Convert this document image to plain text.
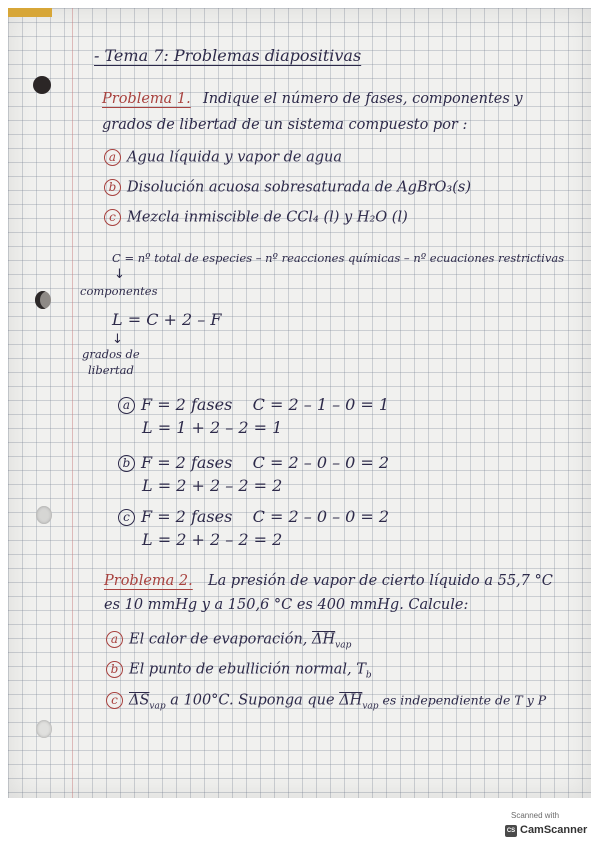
- Tema 7: Problemas diapositivas

Problema 1. Indique el número de fases, componentes y

grados de libertad de un sistema compuesto por :

a Agua líquida y vapor de agua

b Disolución acuosa sobresaturada de AgBrO₃(s)

c Mezcla inmiscible de CCl₄ (l) y H₂O (l)

C = nº total de especies – nº reacciones químicas – nº ecuaciones restrictivas

↓

componentes

L = C + 2 – F

↓

grados de

libertad

a F = 2 fases    C = 2 – 1 – 0 = 1

L = 1 + 2 – 2 = 1

b F = 2 fases    C = 2 – 0 – 0 = 2

L = 2 + 2 – 2 = 2

c F = 2 fases    C = 2 – 0 – 0 = 2

L = 2 + 2 – 2 = 2

Problema 2. La presión de vapor de cierto líquido a 55,7 °C

es 10 mmHg y a 150,6 °C es 400 mmHg. Calcule:

a El calor de evaporación, $\overline{\Delta H}_{vap}$

b El punto de ebullición normal, $T_b$

c $\overline{\Delta S}_{vap}$ a 100°C. Suponga que $\overline{\Delta H}_{vap}$ es independiente de T y P

Scanned with
CS CamScanner
